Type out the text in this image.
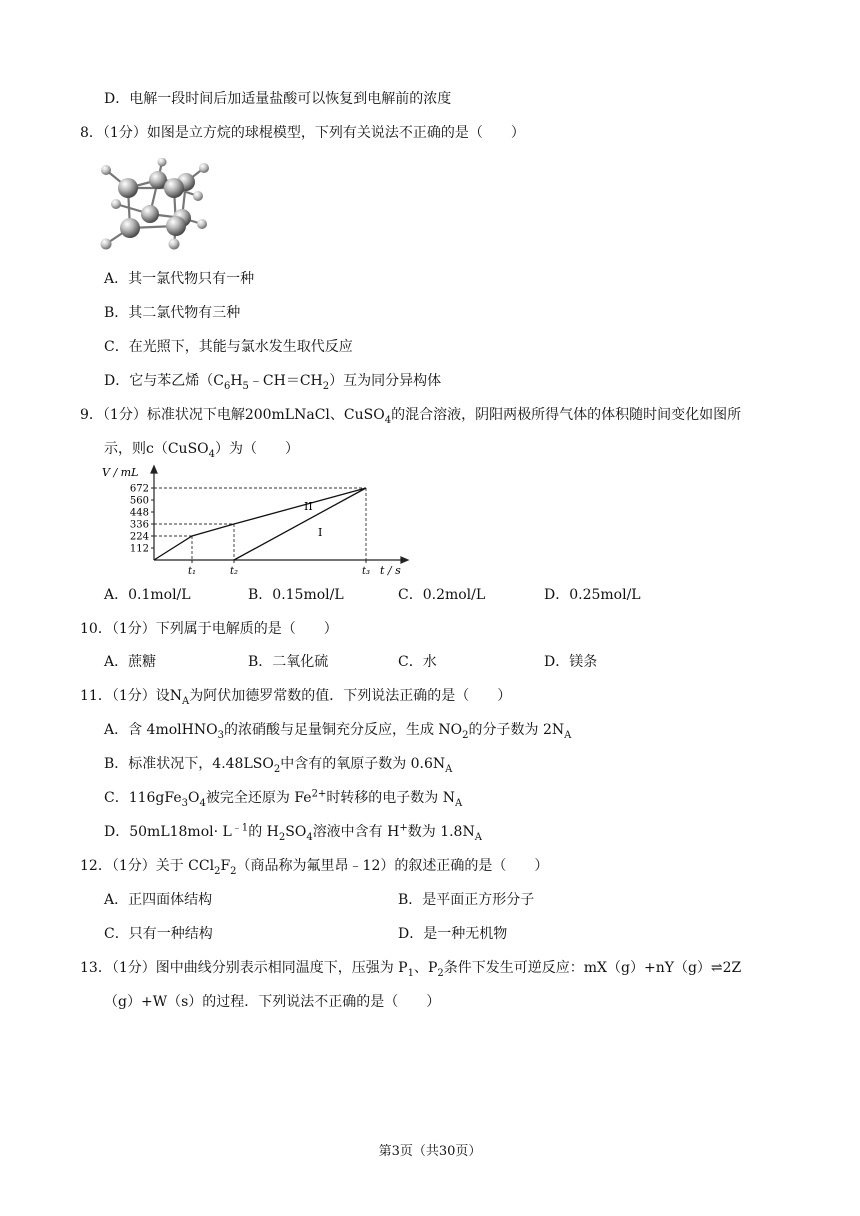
D．电解一段时间后加适量盐酸可以恢复到电解前的浓度
8．（1分）如图是立方烷的球棍模型，下列有关说法不正确的是（　　）
A．其一氯代物只有一种
B．其二氯代物有三种
C．在光照下，其能与氯水发生取代反应
D．它与苯乙烯$(C_6H_5﹣CH=CH_2)$互为同分异构体
9．（1分）标准状况下电解200mLNaCl、CuSO$_4$的混合溶液，阴阳两极所得气体的体积随时间变化如图所
示，则c（CuSO$_4$）为（　　）
V / mL
t / s
672
560
448
336
224
112
t₁	t₂	t₃
II
I
A．0.1mol/L	B．0.15mol/L	C．0.2mol/L	D．0.25mol/L
10．（1分）下列属于电解质的是（　　）
A．蔗糖	B．二氧化硫	C．水	D．镁条
11．（1分）设$N_A$为阿伏加德罗常数的值．下列说法正确的是（　　）
A．含 4molHNO$_3$的浓硝酸与足量铜充分反应，生成 $NO_2$的分子数为 $2N_A$
B．标准状况下，$4.48LSO_2$中含有的氧原子数为 $0.6N_A$
C．$116gFe_3O_4$被完全还原为 $Fe^{2+}$时转移的电子数为 $N_A$
D．$50mL18mol\cdot L^{﹣1}$的 $H_2SO_4$溶液中含有 H+数为 $1.8N_A$
12．（1分）关于 $CCl_2F_2$（商品称为氟里昂﹣12）的叙述正确的是（　　）
A．正四面体结构	B．是平面正方形分子
C．只有一种结构	D．是一种无机物
13．（1分）图中曲线分别表示相同温度下，压强为 $P_1$、$P_2$条件下发生可逆反应：mX（g）+nY（g）⇌2Z
（g）+W（s）的过程．下列说法不正确的是（　　）
第3页（共30页）
